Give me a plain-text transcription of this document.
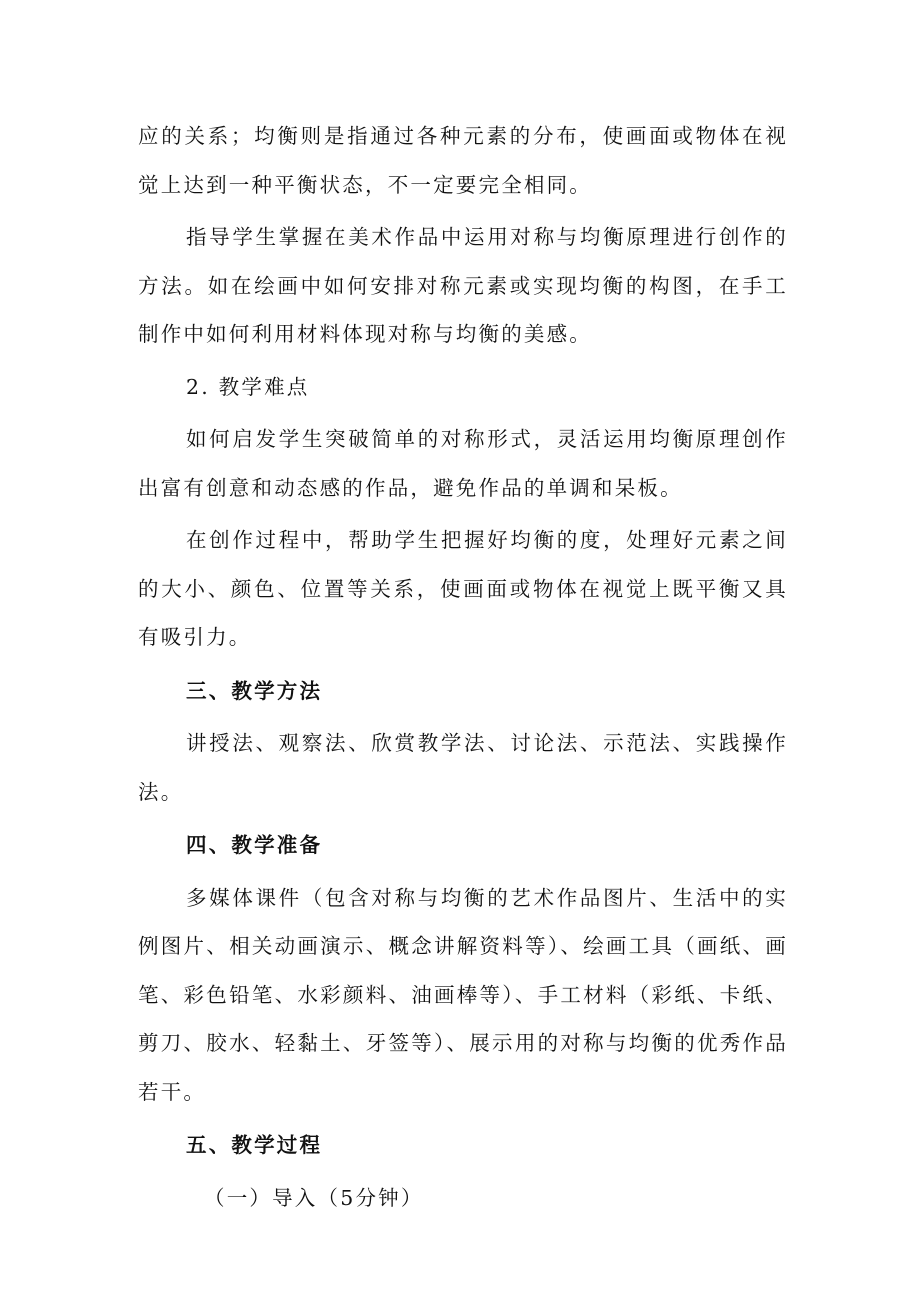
应的关系；均衡则是指通过各种元素的分布，使画面或物体在视觉上达到一种平衡状态，不一定要完全相同。

指导学生掌握在美术作品中运用对称与均衡原理进行创作的方法。如在绘画中如何安排对称元素或实现均衡的构图，在手工制作中如何利用材料体现对称与均衡的美感。

2. 教学难点

如何启发学生突破简单的对称形式，灵活运用均衡原理创作出富有创意和动态感的作品，避免作品的单调和呆板。

在创作过程中，帮助学生把握好均衡的度，处理好元素之间的大小、颜色、位置等关系，使画面或物体在视觉上既平衡又具有吸引力。

三、教学方法

讲授法、观察法、欣赏教学法、讨论法、示范法、实践操作法。

四、教学准备

多媒体课件（包含对称与均衡的艺术作品图片、生活中的实例图片、相关动画演示、概念讲解资料等）、绘画工具（画纸、画笔、彩色铅笔、水彩颜料、油画棒等）、手工材料（彩纸、卡纸、剪刀、胶水、轻黏土、牙签等）、展示用的对称与均衡的优秀作品若干。

五、教学过程

（一）导入（5分钟）
